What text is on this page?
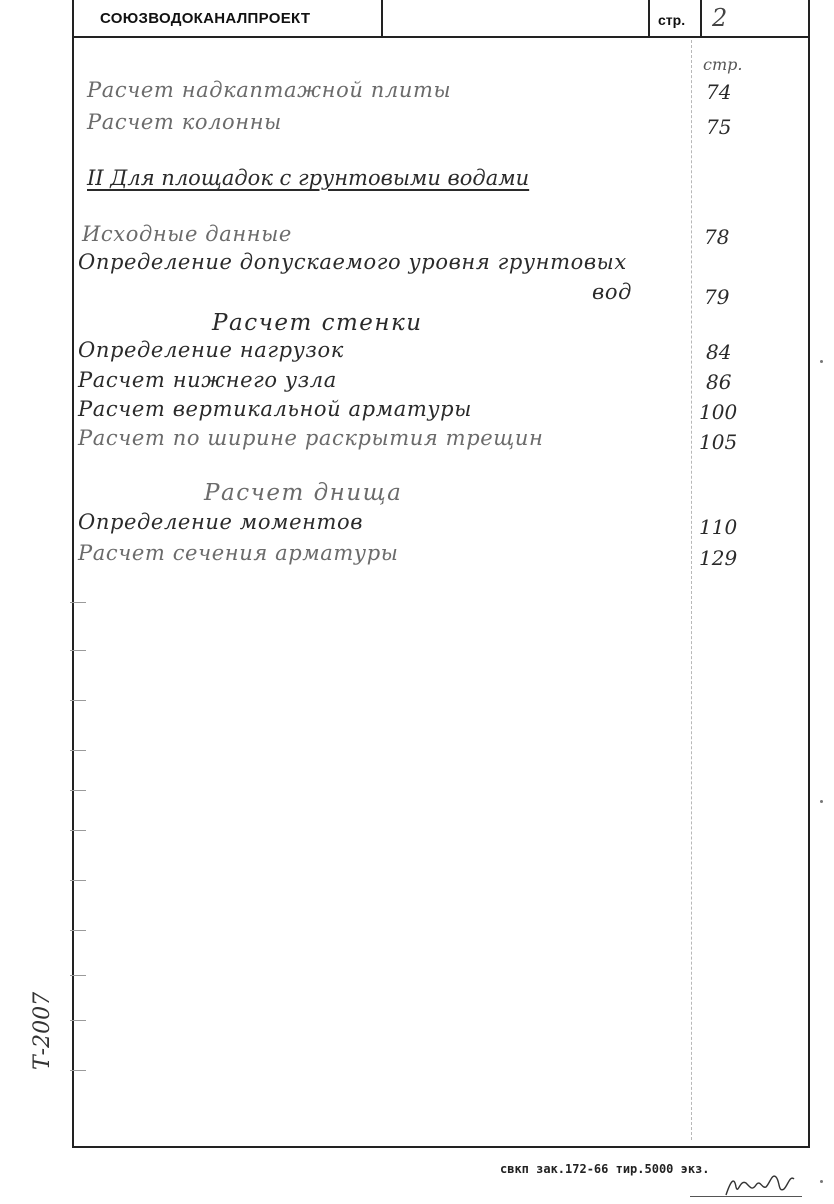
СОЮЗВОДОКАНАЛПРОЕКТ	стр. 2
стр.
Расчет надкаптажной плиты	74
Расчет колонны	75
II Для площадок с грунтовыми водами
Исходные данные	78
Определение допускаемого уровня грунтовых
вод	79
Расчет стенки
Определение нагрузок	84
Расчет нижнего узла	86
Расчет вертикальной арматуры	100
Расчет по ширине раскрытия трещин	105
Расчет днища
Определение моментов	110
Расчет сечения арматуры	129
Т-2007
свкп зак.172-66 тир.5000 экз.
